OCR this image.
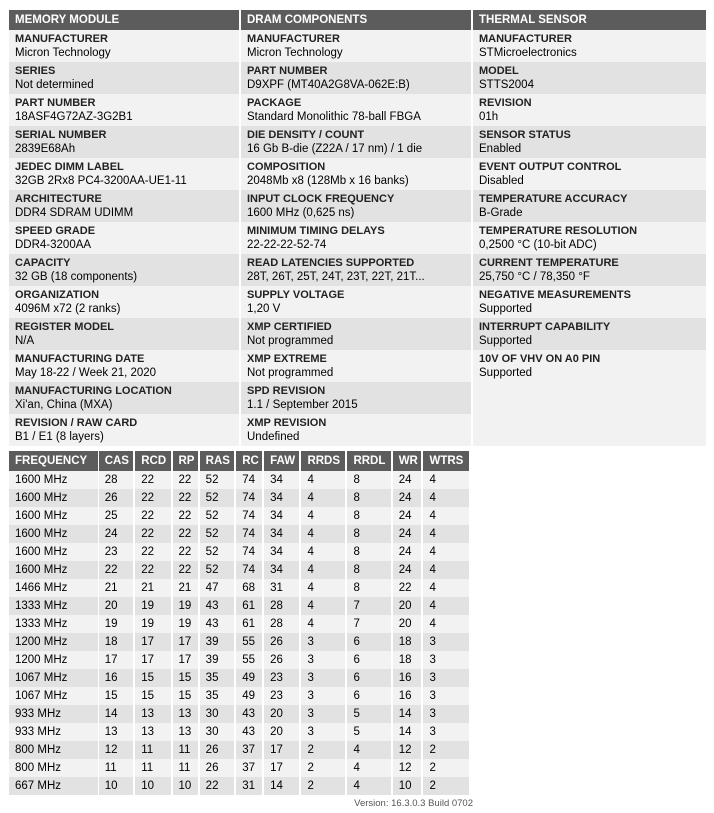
MEMORY MODULE
MANUFACTURER
Micron Technology
SERIES
Not determined
PART NUMBER
18ASF4G72AZ-3G2B1
SERIAL NUMBER
2839E68Ah
JEDEC DIMM LABEL
32GB 2Rx8 PC4-3200AA-UE1-11
ARCHITECTURE
DDR4 SDRAM UDIMM
SPEED GRADE
DDR4-3200AA
CAPACITY
32 GB (18 components)
ORGANIZATION
4096M x72 (2 ranks)
REGISTER MODEL
N/A
MANUFACTURING DATE
May 18-22 / Week 21, 2020
MANUFACTURING LOCATION
Xi'an, China (MXA)
REVISION / RAW CARD
B1 / E1 (8 layers)
DRAM COMPONENTS
MANUFACTURER
Micron Technology
PART NUMBER
D9XPF (MT40A2G8VA-062E:B)
PACKAGE
Standard Monolithic 78-ball FBGA
DIE DENSITY / COUNT
16 Gb B-die (Z22A / 17 nm) / 1 die
COMPOSITION
2048Mb x8 (128Mb x 16 banks)
INPUT CLOCK FREQUENCY
1600 MHz (0,625 ns)
MINIMUM TIMING DELAYS
22-22-22-52-74
READ LATENCIES SUPPORTED
28T, 26T, 25T, 24T, 23T, 22T, 21T...
SUPPLY VOLTAGE
1,20 V
XMP CERTIFIED
Not programmed
XMP EXTREME
Not programmed
SPD REVISION
1.1 / September 2015
XMP REVISION
Undefined
THERMAL SENSOR
MANUFACTURER
STMicroelectronics
MODEL
STTS2004
REVISION
01h
SENSOR STATUS
Enabled
EVENT OUTPUT CONTROL
Disabled
TEMPERATURE ACCURACY
B-Grade
TEMPERATURE RESOLUTION
0,2500 °C (10-bit ADC)
CURRENT TEMPERATURE
25,750 °C / 78,350 °F
NEGATIVE MEASUREMENTS
Supported
INTERRUPT CAPABILITY
Supported
10V OF VHV ON A0 PIN
Supported
FREQUENCY	CAS	RCD	RP	RAS	RC	FAW	RRDS	RRDL	WR	WTRS
1600 MHz	28	22	22	52	74	34	4	8	24	4
1600 MHz	26	22	22	52	74	34	4	8	24	4
1600 MHz	25	22	22	52	74	34	4	8	24	4
1600 MHz	24	22	22	52	74	34	4	8	24	4
1600 MHz	23	22	22	52	74	34	4	8	24	4
1600 MHz	22	22	22	52	74	34	4	8	24	4
1466 MHz	21	21	21	47	68	31	4	8	22	4
1333 MHz	20	19	19	43	61	28	4	7	20	4
1333 MHz	19	19	19	43	61	28	4	7	20	4
1200 MHz	18	17	17	39	55	26	3	6	18	3
1200 MHz	17	17	17	39	55	26	3	6	18	3
1067 MHz	16	15	15	35	49	23	3	6	16	3
1067 MHz	15	15	15	35	49	23	3	6	16	3
933 MHz	14	13	13	30	43	20	3	5	14	3
933 MHz	13	13	13	30	43	20	3	5	14	3
800 MHz	12	11	11	26	37	17	2	4	12	2
800 MHz	11	11	11	26	37	17	2	4	12	2
667 MHz	10	10	10	22	31	14	2	4	10	2
Version: 16.3.0.3 Build 0702
